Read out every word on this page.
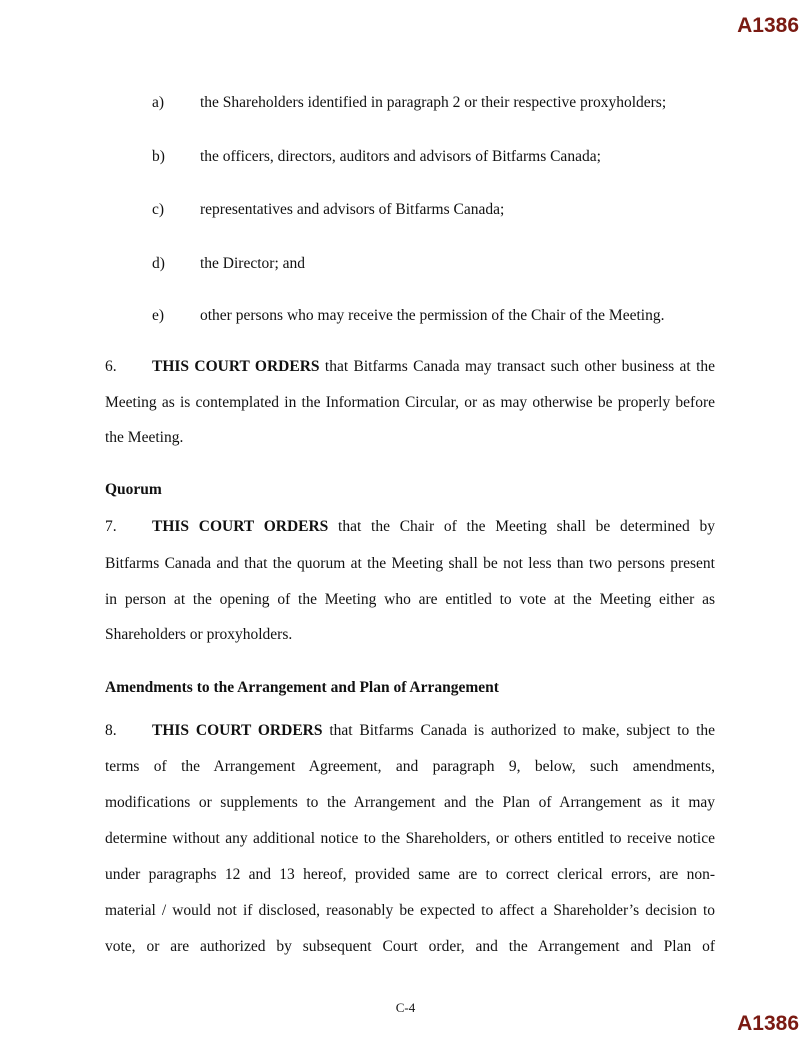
A1386
a) the Shareholders identified in paragraph 2 or their respective proxyholders;
b) the officers, directors, auditors and advisors of Bitfarms Canada;
c) representatives and advisors of Bitfarms Canada;
d) the Director; and
e) other persons who may receive the permission of the Chair of the Meeting.
6. THIS COURT ORDERS that Bitfarms Canada may transact such other business at the
Meeting as is contemplated in the Information Circular, or as may otherwise be properly before
the Meeting.
Quorum
7. THIS COURT ORDERS that the Chair of the Meeting shall be determined by
Bitfarms Canada and that the quorum at the Meeting shall be not less than two persons present
in person at the opening of the Meeting who are entitled to vote at the Meeting either as
Shareholders or proxyholders.
Amendments to the Arrangement and Plan of Arrangement
8. THIS COURT ORDERS that Bitfarms Canada is authorized to make, subject to the
terms of the Arrangement Agreement, and paragraph 9, below, such amendments,
modifications or supplements to the Arrangement and the Plan of Arrangement as it may
determine without any additional notice to the Shareholders, or others entitled to receive notice
under paragraphs 12 and 13 hereof, provided same are to correct clerical errors, are non-
material / would not if disclosed, reasonably be expected to affect a Shareholder’s decision to
vote, or are authorized by subsequent Court order, and the Arrangement and Plan of
C-4
A1386
